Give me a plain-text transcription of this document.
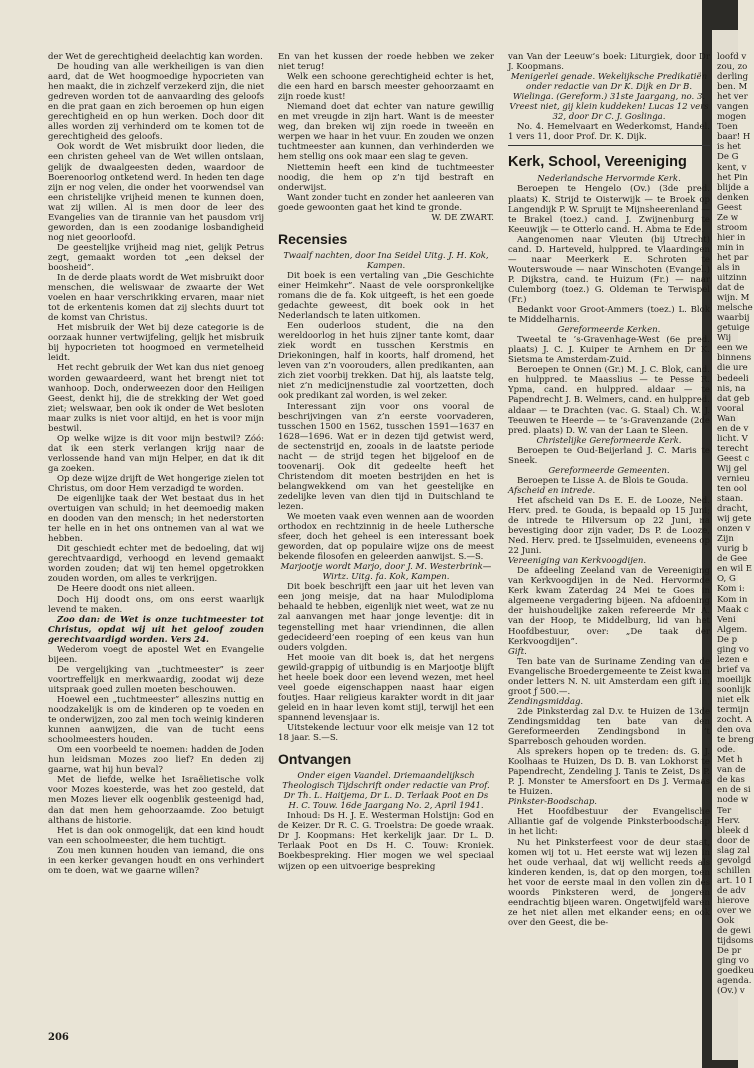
der Wet de gerechtigheid deelachtig kan worden.

De houding van alle werkheiligen is van dien aard, dat de Wet hoogmoedige hypocrieten van hen maakt, die in zichzelf verzekerd zijn, die niet gedreven worden tot de aanvaarding des geloofs en die prat gaan en zich beroemen op hun eigen gerechtigheid en op hun werken. Doch door dit alles worden zij verhinderd om te komen tot de gerechtigheid des geloofs.

Ook wordt de Wet misbruikt door lieden, die een christen geheel van de Wet willen ontslaan, gelijk de dwaalgeesten deden, waardoor de Boerenoorlog ontketend werd. In heden ten dage zijn er nog velen, die onder het voorwendsel van een christelijke vrijheid menen te kunnen doen, wat zij willen. Al is men door de leer des Evangelies van de tirannie van het pausdom vrij geworden, dan is een zoodanige losbandigheid nog niet geoorloofd.

De geestelijke vrijheid mag niet, gelijk Petrus zegt, gemaakt worden tot „een deksel der boosheid”.

In de derde plaats wordt de Wet misbruikt door menschen, die weliswaar de zwaarte der Wet voelen en haar verschrikking ervaren, maar niet tot de erkentenis komen dat zij slechts duurt tot de komst van Christus.

Het misbruik der Wet bij deze categorie is de oorzaak hunner vertwijfeling, gelijk het misbruik bij hypocrieten tot hoogmoed en vermetelheid leidt.

Het recht gebruik der Wet kan dus niet genoeg worden gewaardeerd, want het brengt niet tot wanhoop. Doch, onderweezen door den Heiligen Geest, denkt hij, die de strekking der Wet goed ziet; welswaar, ben ook ik onder de Wet besloten maar zulks is niet voor altijd, en het is voor mijn bestwil.

Op welke wijze is dit voor mijn bestwil? Zóó: dat ik een sterk verlangen krijg naar de verlossende hand van mijn Helper, en dat ik dit ga zoeken.

Op deze wijze drijft de Wet hongerige zielen tot Christus, om door Hem verzadigd te worden.

De eigenlijke taak der Wet bestaat dus in het overtuigen van schuld; in het deemoedig maken en dooden van den mensch; in het nederstorten ter helle en in het ons ontnemen van al wat we hebben.

Dit geschiedt echter met de bedoeling, dat wij gerechtvaardigd, verhoogd en levend gemaakt worden zouden; dat wij ten hemel opgetrokken zouden worden, om alles te verkrijgen.

De Heere doodt ons niet alleen.

Doch Hij doodt ons, om ons eerst waarlijk levend te maken.

Zoo dan: de Wet is onze tuchtmeester tot Christus, opdat wij uit het geloof zouden gerechtvaardigd worden. Vers 24.

Wederom voegt de apostel Wet en Evangelie bijeen.

De vergelijking van „tuchtmeester” is zeer voortreffelijk en merkwaardig, zoodat wij deze uitspraak goed zullen moeten beschouwen.

Hoewel een „tuchtmeester” alleszins nuttig en noodzakelijk is om de kinderen op te voeden en te onderwijzen, zoo zal men toch weinig kinderen kunnen aanwijzen, die van de tucht eens schoolmeesters houden.

Om een voorbeeld te noemen: hadden de Joden hun leidsman Mozes zoo lief? En deden zij gaarne, wat hij hun beval?

Met de liefde, welke het Israëlietische volk voor Mozes koesterde, was het zoo gesteld, dat men Mozes liever elk oogenblik gesteenigd had, dan dat men hem gehoorzaamde. Zoo betuigt althans de historie.

Het is dan ook onmogelijk, dat een kind houdt van een schoolmeester, die hem tuchtigt.

Zou men kunnen houden van iemand, die ons in een kerker gevangen houdt en ons verhindert om te doen, wat we gaarne willen?

En van het kussen der roede hebben we zeker niet terug!

Welk een schoone gerechtigheid echter is het, die een hard en barsch meester gehoorzaamt en zijn roede kust!

Niemand doet dat echter van nature gewillig en met vreugde in zijn hart. Want is de meester weg, dan breken wij zijn roede in tweeën en werpen we haar in het vuur. En zouden we onzen tuchtmeester aan kunnen, dan verhinderden we hem stellig ons ook maar een slag te geven.

Niettemin heeft een kind de tuchtmeester noodig, die hem op z’n tijd bestraft en onderwijst.

Want zonder tucht en zonder het aanleeren van goede gewoonten gaat het kind te gronde.

W. DE ZWART.

Recensies

Twaalf nachten, door Ina Seidel Uitg. J. H. Kok, Kampen.

Dit boek is een vertaling van „Die Geschichte einer Heimkehr”. Naast de vele oorspronkelijke romans die de fa. Kok uitgeeft, is het een goede gedachte geweest, dit boek ook in het Nederlandsch te laten uitkomen.

Een ouderloos student, die na den wereldoorlog in het huis zijner tante komt, daar ziek wordt en tusschen Kerstmis en Driekoningen, half in koorts, half dromend, het leven van z’n voorouders, allen predikanten, aan zich ziet voorbij trekken. Dat hij, als laatste telg, niet z’n medicijnenstudie zal voortzetten, doch ook predikant zal worden, is wel zeker.

Interessant zijn voor ons vooral de beschrijvingen van z’n eerste voorvaderen, tusschen 1500 en 1562, tusschen 1591—1637 en 1628—1696. Wat er in dezen tijd getwist werd, de sectenstrijd en, zooals in de laatste periode nacht — de strijd tegen het bijgeloof en de toovenarij. Ook dit gedeelte heeft het Christendom dit moeten bestrijden en het is belangwekkend om van het geestelijke en zedelijke leven van dien tijd in Duitschland te lezen.

We moeten vaak even wennen aan de woorden orthodox en rechtzinnig in de heele Luthersche sfeer, doch het geheel is een interessant boek geworden, dat op populaire wijze ons de meest bekende filosofen en geleerden aanwijst. S.—S.

Marjootje wordt Marjo, door J. M. Westerbrink—Wirtz. Uitg. fa. Kok, Kampen.

Dit boek beschrijft een jaar uit het leven van een jong meisje, dat na haar Mulodiploma behaald te hebben, eigenlijk niet weet, wat ze nu zal aanvangen met haar jonge leventje: dit in tegenstelling met haar vriendinnen, die allen gedecideerd’een roeping of een keus van hun ouders volgden.

Het mooie van dit boek is, dat het nergens gewild-grappig of uitbundig is en Marjootje blijft het heele boek door een levend wezen, met heel veel goede eigenschappen naast haar eigen foutjes. Haar religieus karakter wordt in dit jaar geleid en in haar leven komt stijl, terwijl het een spannend levensjaar is.

Uitstekende lectuur voor elk meisje van 12 tot 18 jaar. S.—S.

Ontvangen

Onder eigen Vaandel. Driemaandelijksch Theologisch Tijdschrift onder redactie van Prof. Dr Th. L. Haitjema, Dr L. D. Terlaak Poot en Ds H. C. Touw. 16de Jaargang No. 2, April 1941.

Inhoud: Ds H. J. E. Westerman Holstijn: God en de Keizer. Dr R. C. G. Troelstra: De goede wraak. Dr J. Koopmans: Het kerkelijk jaar. Dr L. D. Terlaak Poot en Ds H. C. Touw: Kroniek. Boekbespreking. Hier mogen we wel speciaal wijzen op een uitvoerige bespreking

van Van der Leeuw’s boek: Liturgiek, door Dr J. Koopmans.

Menigerlei genade. Wekelijksche Predikatiën onder redactie van Dr K. Dijk en Dr B. Wielinga. (Gereform.) 31ste Jaargang, no. 3. Vreest niet, gij klein kuddeken! Lucas 12 vers 32, door Dr C. J. Goslinga.

No. 4. Hemelvaart en Wederkomst, Handel. 1 vers 11, door Prof. Dr. K. Dijk.

Kerk, School, Vereeniging

Nederlandsche Hervormde Kerk.

Beroepen te Hengelo (Ov.) (3de pred. plaats) K. Strijd te Oisterwijk — te Broek op Langendijk P. W. Spruijt te Mijnsheerenland — te Brakel (toez.) cand. J. Zwijnenburg te Keeuwijk — te Otterlo cand. H. Abma te Ede.

Aangenomen naar Vleuten (bij Utrecht) cand. D. Harteveld, hulppred. te Vlaardingen — naar Meerkerk E. Schroten te Wouterswoude — naar Winschoten (Evangel.) P. Dijkstra, cand. te Huizum (Fr.) — naar Culemborg (toez.) G. Oldeman te Terwispel (Fr.)

Bedankt voor Groot-Ammers (toez.) L. Blok te Middelharnis.

Gereformeerde Kerken.

Tweetal te ’s-Gravenhage-West (6e pred. plaats) J. C. J. Kuiper te Arnhem en Dr K. Sietsma te Amsterdam-Zuid.

Beroepen te Onnen (Gr.) M. J. C. Blok, cand. en hulppred. te Maasslius — te Pesse R. Ypma, cand. en hulppred. aldaar — te Papendrecht J. B. Welmers, cand. en hulppred. aldaar — te Drachten (vac. G. Staal) Ch. W. J. Teeuwen te Heerde — te ’s-Gravenzande (2de pred. plaats) D. W. van der Laan te Sleen.

Christelijke Gereformeerde Kerk.

Beroepen te Oud-Beijerland J. C. Maris te Sneek.

Gereformeerde Gemeenten.

Beroepen te Lisse A. de Blois te Gouda.

Afscheid en intrede.

Het afscheid van Ds E. E. de Looze, Ned. Herv. pred. te Gouda, is bepaald op 15 Juni; de intrede te Hilversum op 22 Juni, na bevestiging door zijn vader, Ds P. de Looze, Ned. Herv. pred. te IJsselmuiden, eveneens op 22 Juni.

Vereeniging van Kerkvoogdijen.

De afdeeling Zeeland van de Vereeniging van Kerkvoogdijen in de Ned. Hervormde Kerk kwam Zaterdag 24 Mei te Goes in algemeene vergadering bijeen. Na afdoening der huishoudelijke zaken refereerde Mr A. van der Hoop, te Middelburg, lid van het Hoofdbestuur, over: „De taak der Kerkvoogdijen”.

Gift.

Ten bate van de Suriname Zending van de Evangelische Broedergemeente te Zeist kwam onder letters N. N. uit Amsterdam een gift in, groot ƒ 500.—.

Zendingsmiddag.

2de Pinksterdag zal D.v. te Huizen de 13de Zendingsmiddag ten bate van den Gereformeerden Zendingsbond in ’t Sparrebosch gehouden worden.

Als sprekers hopen op te treden: ds. G. J. Koolhaas te Huizen, Ds D. B. van Lokhorst te Papendrecht, Zendeling J. Tanis te Zeist, Ds P. P. J. Monster te Amersfoort en Ds J. Vermaas te Huizen.

Pinkster-Boodschap.

Het Hoofdbestuur der Evangelische Alliantie gaf de volgende Pinksterboodschap in het licht:

Nu het Pinksterfeest voor de deur staat, komen wij tot u. Het eerste wat wij lezen in het oude verhaal, dat wij wellicht reeds als kinderen kenden, is, dat op den morgen, toen het voor de eerste maal in den vollen zin des woords Pinksteren werd, de jongeren eendrachtig bijeen waren. Ongetwijfeld waren ze het niet allen met elkander eens; en ook over den Geest, die be-

loofd v
zou, zo
derling
ben. M
het ver
vangen
mogen
Toen
baar! H
is het
De G
kent, v
het Pin
blijde a
denken
Geest
Ze w
stroom
hier in
min in
het par
als in
uitzinn
dat de
wijn. M
melsche
waarbij
getuige
Wij
een we
binnens
die ure
bedeeli
nis, na
dat geb
vooral
Wan
en de v
licht. V
terecht
Geest c
Wij gel
vernieu
ten ool
staan.
dracht,
wij gete
onzen v
Zijn
vurig b
de Gee
en wil E
O, G
Kom i:
Kom in
Maak c
Veni
Algem.
De p
ging vo
lezen e
brief va
moeilijk
soonlijk
niet elk
termijn
zocht. A
den ova
te breng
ode.
Met h
van de
de kas
en de si
node w
Ter
Herv.
bleek d
door de
slag zal
gevolgd
schillen
art. 10 I
de adv
hierove
over we
Ook
de gewi
tijdsoms
De pr
ging vo
goedkeu
agenda.
(Ov.) v
206
